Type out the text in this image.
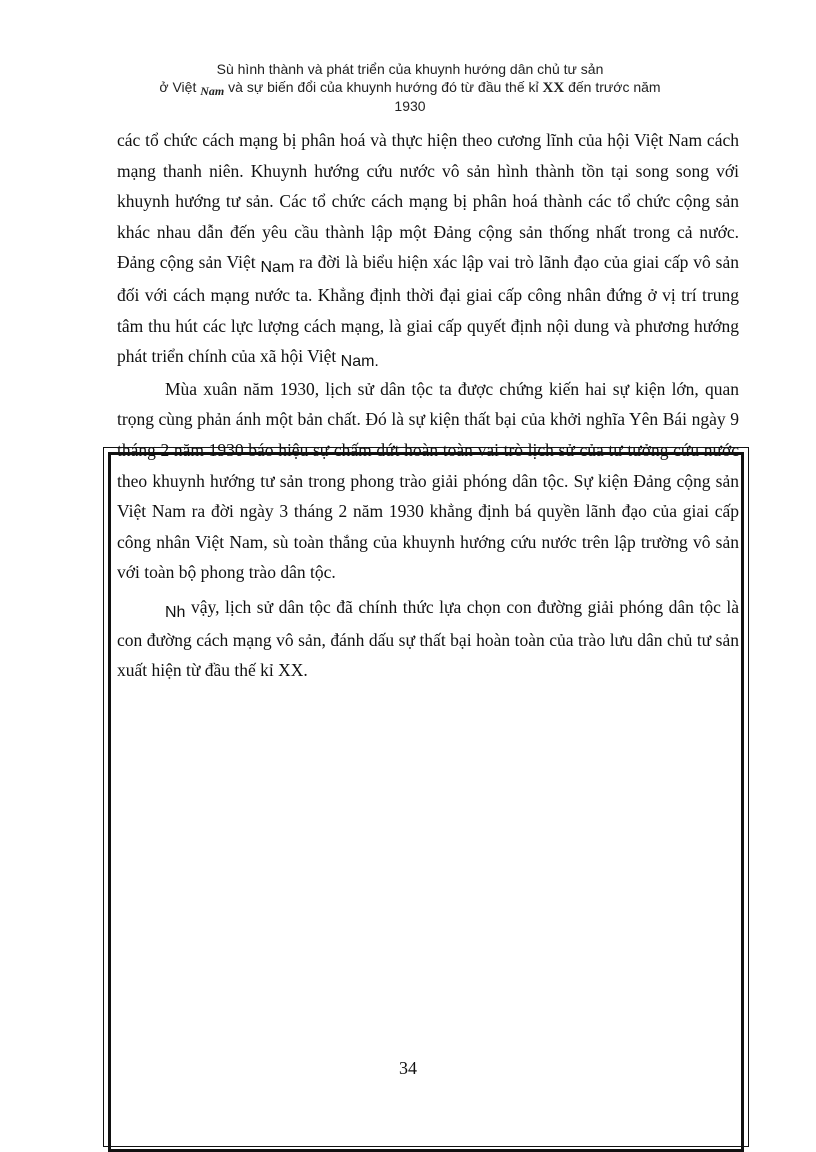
Sù hình thành và phát triển của khuynh hướng dân chủ tư sản
ở Việt Nam và sự biến đổi của khuynh hướng đó từ đầu thế kỉ XX đến trước năm
1930

các tổ chức cách mạng bị phân hoá và thực hiện theo cương lĩnh của hội Việt Nam cách mạng thanh niên. Khuynh hướng cứu nước vô sản hình thành tồn tại song song với khuynh hướng tư sản. Các tổ chức cách mạng bị phân hoá thành các tổ chức cộng sản khác nhau dẫn đến yêu cầu thành lập một Đảng cộng sản thống nhất trong cả nước. Đảng cộng sản Việt Nam ra đời là biểu hiện xác lập vai trò lãnh đạo của giai cấp vô sản đối với cách mạng nước ta. Khẳng định thời đại giai cấp công nhân đứng ở vị trí trung tâm thu hút các lực lượng cách mạng, là giai cấp quyết định nội dung và phương hướng phát triển chính của xã hội Việt Nam.

Mùa xuân năm 1930, lịch sử dân tộc ta được chứng kiến hai sự kiện lớn, quan trọng cùng phản ánh một bản chất. Đó là sự kiện thất bại của khởi nghĩa Yên Bái ngày 9 tháng 2 năm 1930 báo hiệu sự chấm dứt hoàn toàn vai trò lịch sử của tư tưởng cứu nước theo khuynh hướng tư sản trong phong trào giải phóng dân tộc. Sự kiện Đảng cộng sản Việt Nam ra đời ngày 3 tháng 2 năm 1930 khẳng định bá quyền lãnh đạo của giai cấp công nhân Việt Nam, sù toàn thắng của khuynh hướng cứu nước trên lập trường vô sản với toàn bộ phong trào dân tộc.

Nh vậy, lịch sử dân tộc đã chính thức lựa chọn con đường giải phóng dân tộc là con đường cách mạng vô sản, đánh dấu sự thất bại hoàn toàn của trào lưu dân chủ tư sản xuất hiện từ đầu thế kỉ XX.

34
